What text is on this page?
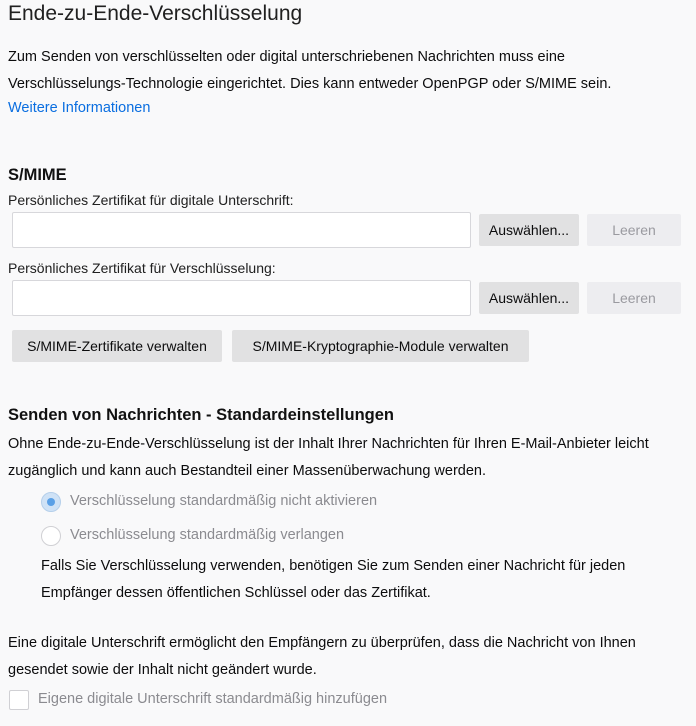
Ende-zu-Ende-Verschlüsselung
Zum Senden von verschlüsselten oder digital unterschriebenen Nachrichten muss eine
Verschlüsselungs-Technologie eingerichtet. Dies kann entweder OpenPGP oder S/MIME sein.
Weitere Informationen
S/MIME
Persönliches Zertifikat für digitale Unterschrift:
Auswählen...	Leeren
Persönliches Zertifikat für Verschlüsselung:
Auswählen...	Leeren
S/MIME-Zertifikate verwalten	S/MIME-Kryptographie-Module verwalten
Senden von Nachrichten - Standardeinstellungen
Ohne Ende-zu-Ende-Verschlüsselung ist der Inhalt Ihrer Nachrichten für Ihren E-Mail-Anbieter leicht
zugänglich und kann auch Bestandteil einer Massenüberwachung werden.
Verschlüsselung standardmäßig nicht aktivieren
Verschlüsselung standardmäßig verlangen
Falls Sie Verschlüsselung verwenden, benötigen Sie zum Senden einer Nachricht für jeden
Empfänger dessen öffentlichen Schlüssel oder das Zertifikat.
Eine digitale Unterschrift ermöglicht den Empfängern zu überprüfen, dass die Nachricht von Ihnen
gesendet sowie der Inhalt nicht geändert wurde.
Eigene digitale Unterschrift standardmäßig hinzufügen
